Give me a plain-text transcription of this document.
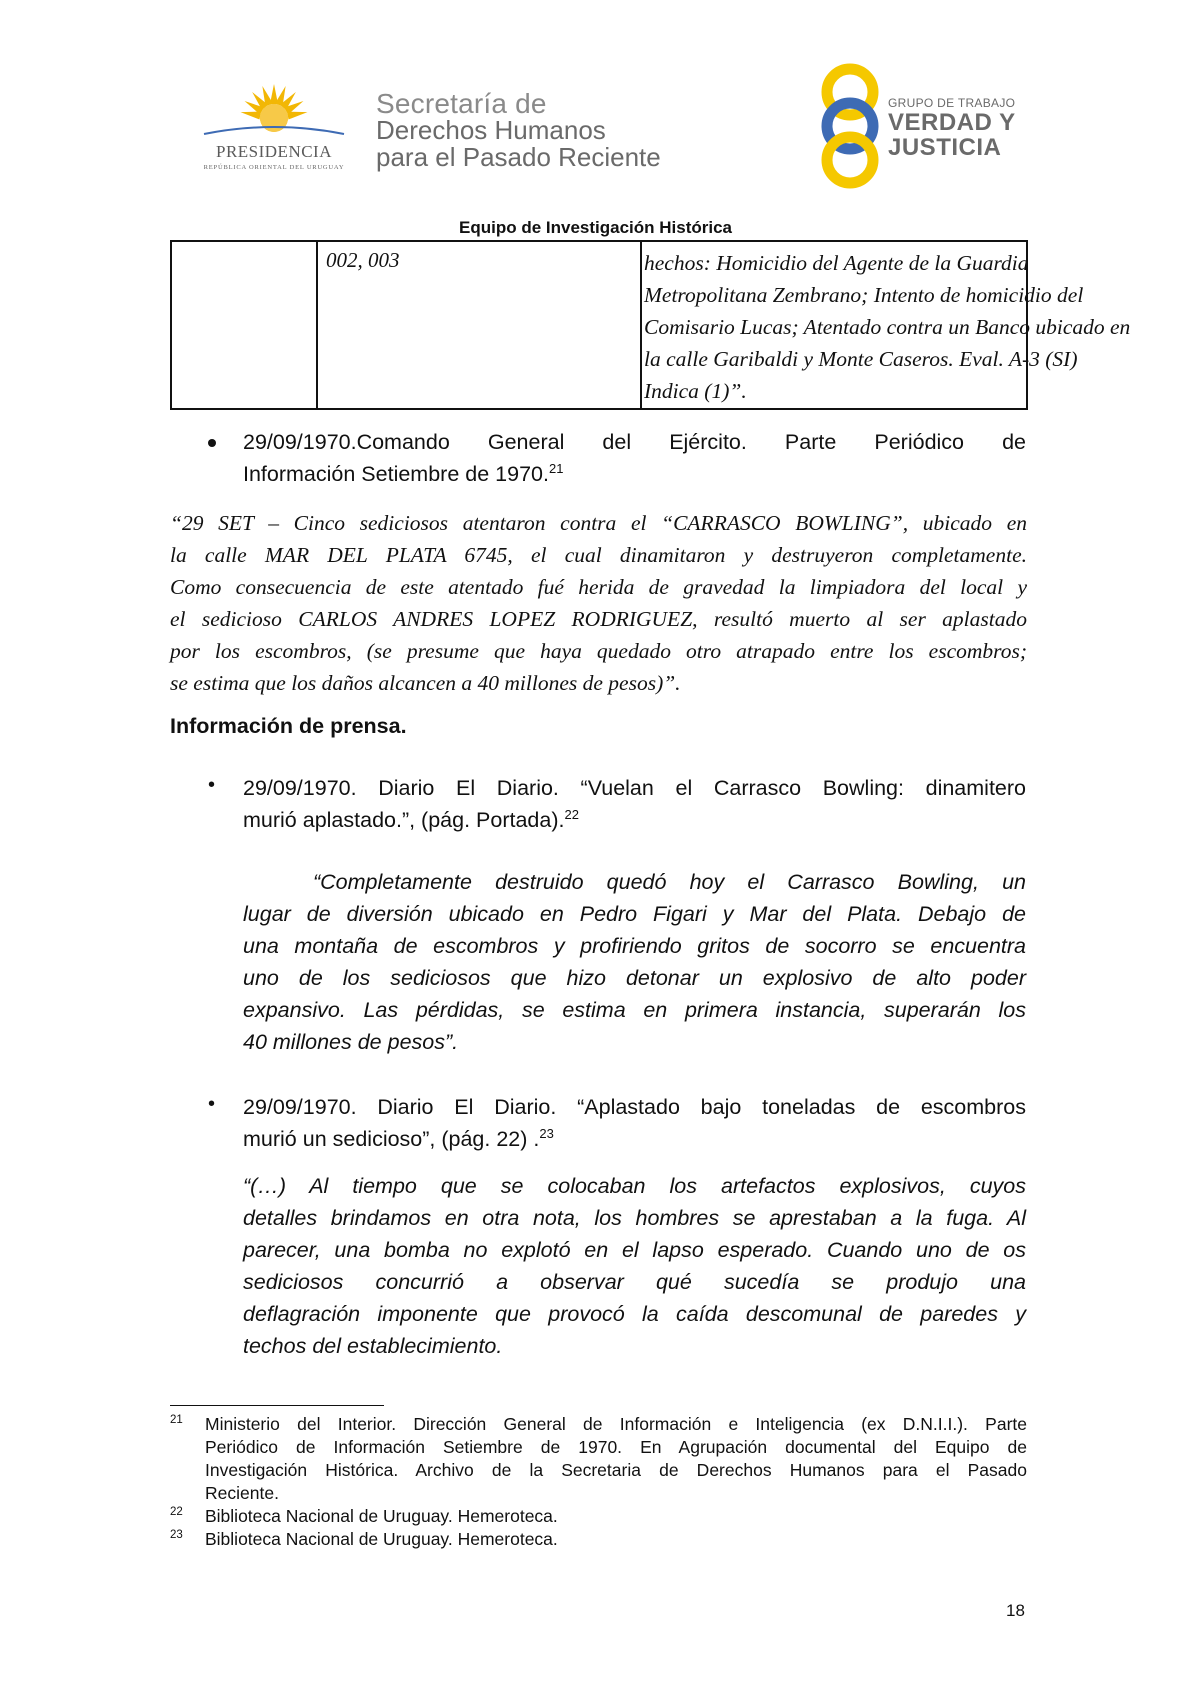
PRESIDENCIA
REPÚBLICA ORIENTAL DEL URUGUAY
Secretaría de
Derechos Humanos
para el Pasado Reciente
GRUPO DE TRABAJO
VERDAD Y
JUSTICIA
Equipo de Investigación Histórica
002, 003	hechos: Homicidio del Agente de la Guardia
Metropolitana Zembrano; Intento de homicidio del
Comisario Lucas; Atentado contra un Banco ubicado en
la calle Garibaldi y Monte Caseros. Eval. A-3 (SI)
Indica (1)”.
29/09/1970.Comando General del Ejército. Parte Periódico de
Información Setiembre de 1970.21
“29 SET – Cinco sediciosos atentaron contra el “CARRASCO BOWLING”, ubicado en
la calle MAR DEL PLATA 6745, el cual dinamitaron y destruyeron completamente.
Como consecuencia de este atentado fué herida de gravedad la limpiadora del local y
el sedicioso CARLOS ANDRES LOPEZ RODRIGUEZ, resultó muerto al ser aplastado
por los escombros, (se presume que haya quedado otro atrapado entre los escombros;
se estima que los daños alcancen a 40 millones de pesos)”.
Información de prensa.
• 29/09/1970. Diario El Diario. “Vuelan el Carrasco Bowling: dinamitero
murió aplastado.”, (pág. Portada).$^{22}$
“Completamente destruido quedó hoy el Carrasco Bowling, un
lugar de diversión ubicado en Pedro Figari y Mar del Plata. Debajo de
una montaña de escombros y profiriendo gritos de socorro se encuentra
uno de los sediciosos que hizo detonar un explosivo de alto poder
expansivo. Las pérdidas, se estima en primera instancia, superarán los
40 millones de pesos”.
• 29/09/1970. Diario El Diario. “Aplastado bajo toneladas de escombros
murió un sedicioso”, (pág. 22) .$^{23}$
“(…) Al tiempo que se colocaban los artefactos explosivos, cuyos
detalles brindamos en otra nota, los hombres se aprestaban a la fuga. Al
parecer, una bomba no explotó en el lapso esperado. Cuando uno de os
sediciosos concurrió a observar qué sucedía se produjo una
deflagración imponente que provocó la caída descomunal de paredes y
techos del establecimiento.
21 Ministerio del Interior. Dirección General de Información e Inteligencia (ex D.N.I.I.). Parte
Periódico de Información Setiembre de 1970. En Agrupación documental del Equipo de
Investigación Histórica. Archivo de la Secretaria de Derechos Humanos para el Pasado
Reciente.
22 Biblioteca Nacional de Uruguay. Hemeroteca.
23 Biblioteca Nacional de Uruguay. Hemeroteca.
18
